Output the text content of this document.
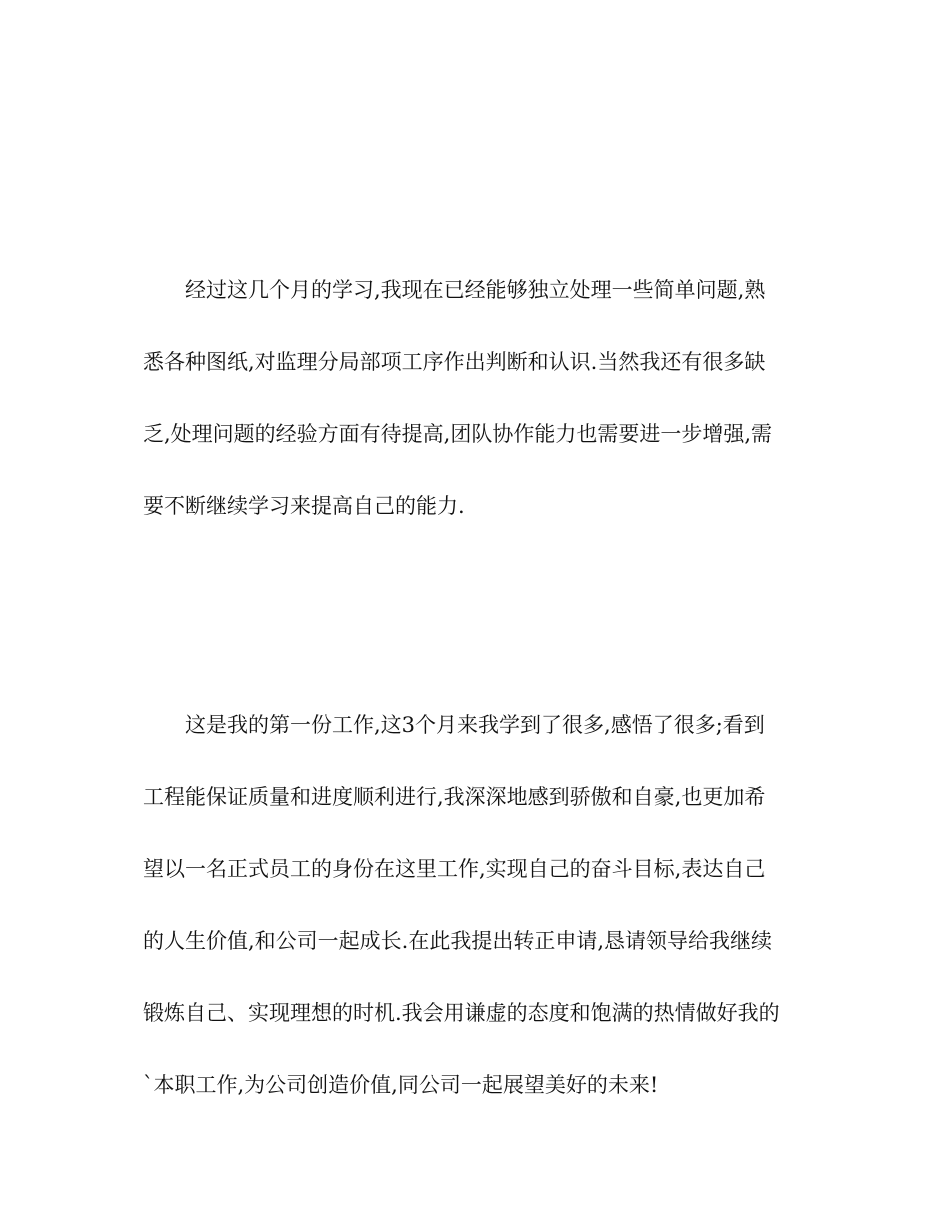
经过这几个月的学习,我现在已经能够独立处理一些简单问题,熟
悉各种图纸,对监理分局部项工序作出判断和认识.当然我还有很多缺
乏,处理问题的经验方面有待提高,团队协作能力也需要进一步增强,需
要不断继续学习来提高自己的能力.
这是我的第一份工作,这3个月来我学到了很多,感悟了很多;看到
工程能保证质量和进度顺利进行,我深深地感到骄傲和自豪,也更加希
望以一名正式员工的身份在这里工作,实现自己的奋斗目标,表达自己
的人生价值,和公司一起成长.在此我提出转正申请,恳请领导给我继续
锻炼自己、实现理想的时机.我会用谦虚的态度和饱满的热情做好我的
`本职工作,为公司创造价值,同公司一起展望美好的未来!
